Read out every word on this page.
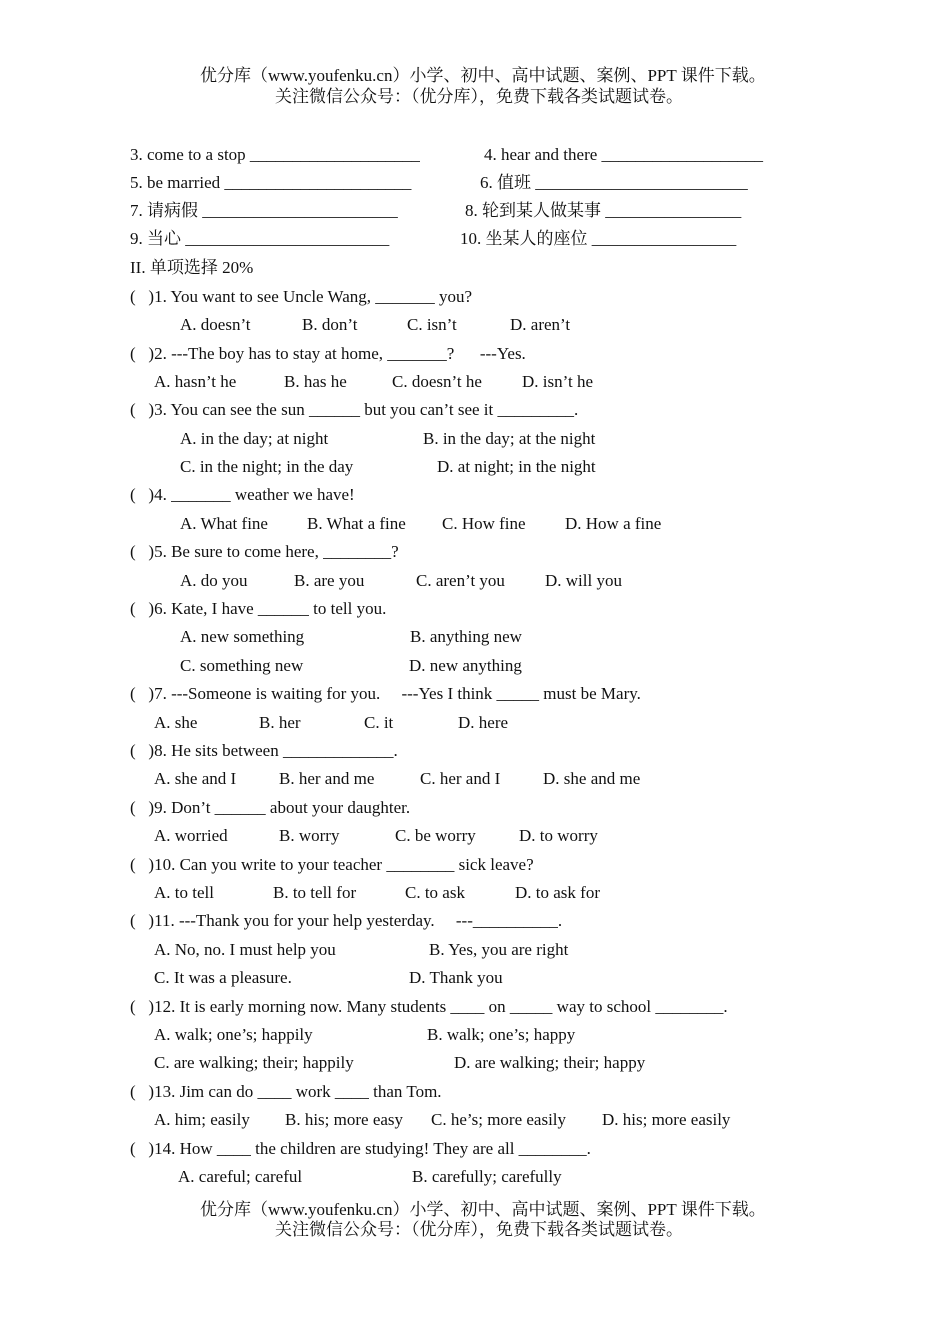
优分库（www.youfenku.cn）小学、初中、高中试题、案例、PPT 课件下载。
关注微信公众号：（优分库），免费下载各类试题试卷。
3. come to a stop ____________________	4. hear and there ___________________
5. be married ______________________	6. 值班 _________________________
7. 请病假 _______________________	8. 轮到某人做某事 ________________
9. 当心 ________________________	10. 坐某人的座位 _________________
II. 单项选择 20%
(   )1. You want to see Uncle Wang, _______ you?
A. doesn’t	B. don’t	C. isn’t	D. aren’t
(   )2. ---The boy has to stay at home, _______?      ---Yes.
A. hasn’t he	B. has he	C. doesn’t he D. isn’t he
(   )3. You can see the sun ______ but you can’t see it _________.
A. in the day; at night	B. in the day; at the night
C. in the night; in the day	D. at night; in the night
(   )4. _______ weather we have!
A. What fine B. What a fine C. How fine D. How a fine
(   )5. Be sure to come here, ________?
A. do you	B. are you	C. aren’t you D. will you
(   )6. Kate, I have ______ to tell you.
A. new something	B. anything new
C. something new	D. new anything
(   )7. ---Someone is waiting for you.     ---Yes I think _____ must be Mary.
A. she	B. her	C. it	D. here
(   )8. He sits between _____________.
A. she and I	B. her and me	C. her and I	D. she and me
(   )9. Don’t ______ about your daughter.
A. worried	B. worry	C. be worry	D. to worry
(   )10. Can you write to your teacher ________ sick leave?
A. to tell	B. to tell for	C. to ask	D. to ask for
(   )11. ---Thank you for your help yesterday.     ---__________.
A. No, no. I must help you	B. Yes, you are right
C. It was a pleasure.	D. Thank you
(   )12. It is early morning now. Many students ____ on _____ way to school ________.
A. walk; one’s; happily	B. walk; one’s; happy
C. are walking; their; happily	D. are walking; their; happy
(   )13. Jim can do ____ work ____ than Tom.
A. him; easily B. his; more easy C. he’s; more easily D. his; more easily
(   )14. How ____ the children are studying! They are all ________.
A. careful; careful	B. carefully; carefully
优分库（www.youfenku.cn）小学、初中、高中试题、案例、PPT 课件下载。
关注微信公众号：（优分库），免费下载各类试题试卷。
